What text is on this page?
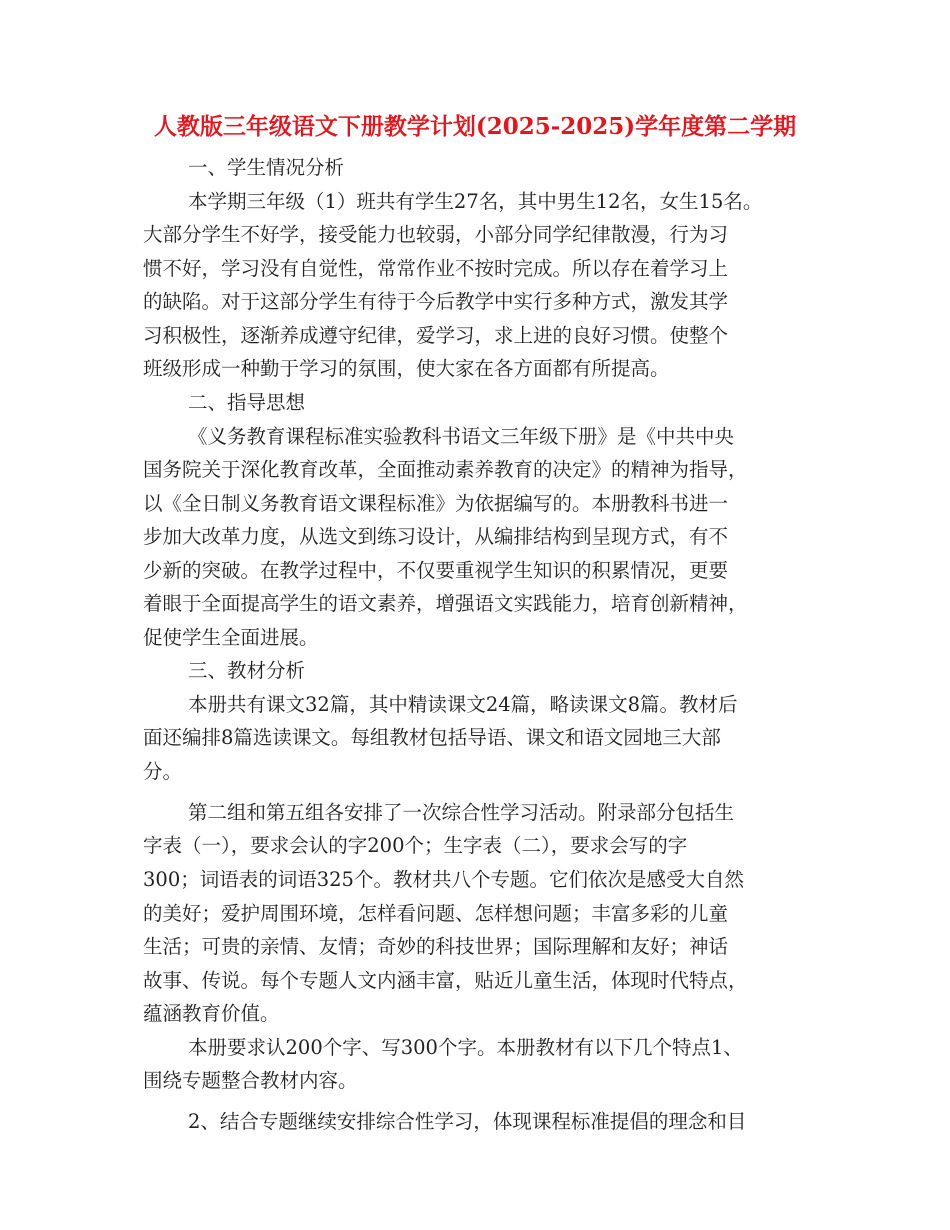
人教版三年级语文下册教学计划(2025-2025)学年度第二学期
一、学生情况分析
本学期三年级（1）班共有学生27名，其中男生12名，女生15名。
大部分学生不好学，接受能力也较弱，小部分同学纪律散漫，行为习
惯不好，学习没有自觉性，常常作业不按时完成。所以存在着学习上
的缺陷。对于这部分学生有待于今后教学中实行多种方式，激发其学
习积极性，逐渐养成遵守纪律，爱学习，求上进的良好习惯。使整个
班级形成一种勤于学习的氛围，使大家在各方面都有所提高。
二、指导思想
《义务教育课程标准实验教科书语文三年级下册》是《中共中央
国务院关于深化教育改革，全面推动素养教育的决定》的精神为指导，
以《全日制义务教育语文课程标准》为依据编写的。本册教科书进一
步加大改革力度，从选文到练习设计，从编排结构到呈现方式，有不
少新的突破。在教学过程中，不仅要重视学生知识的积累情况，更要
着眼于全面提高学生的语文素养，增强语文实践能力，培育创新精神，
促使学生全面进展。
三、教材分析
本册共有课文32篇，其中精读课文24篇，略读课文8篇。教材后
面还编排8篇选读课文。每组教材包括导语、课文和语文园地三大部
分。
第二组和第五组各安排了一次综合性学习活动。附录部分包括生
字表（一），要求会认的字200个；生字表（二），要求会写的字
300；词语表的词语325个。教材共八个专题。它们依次是感受大自然
的美好；爱护周围环境，怎样看问题、怎样想问题；丰富多彩的儿童
生活；可贵的亲情、友情；奇妙的科技世界；国际理解和友好；神话
故事、传说。每个专题人文内涵丰富，贴近儿童生活，体现时代特点，
蕴涵教育价值。
本册要求认200个字、写300个字。本册教材有以下几个特点1、
围绕专题整合教材内容。
2、结合专题继续安排综合性学习，体现课程标准提倡的理念和目
